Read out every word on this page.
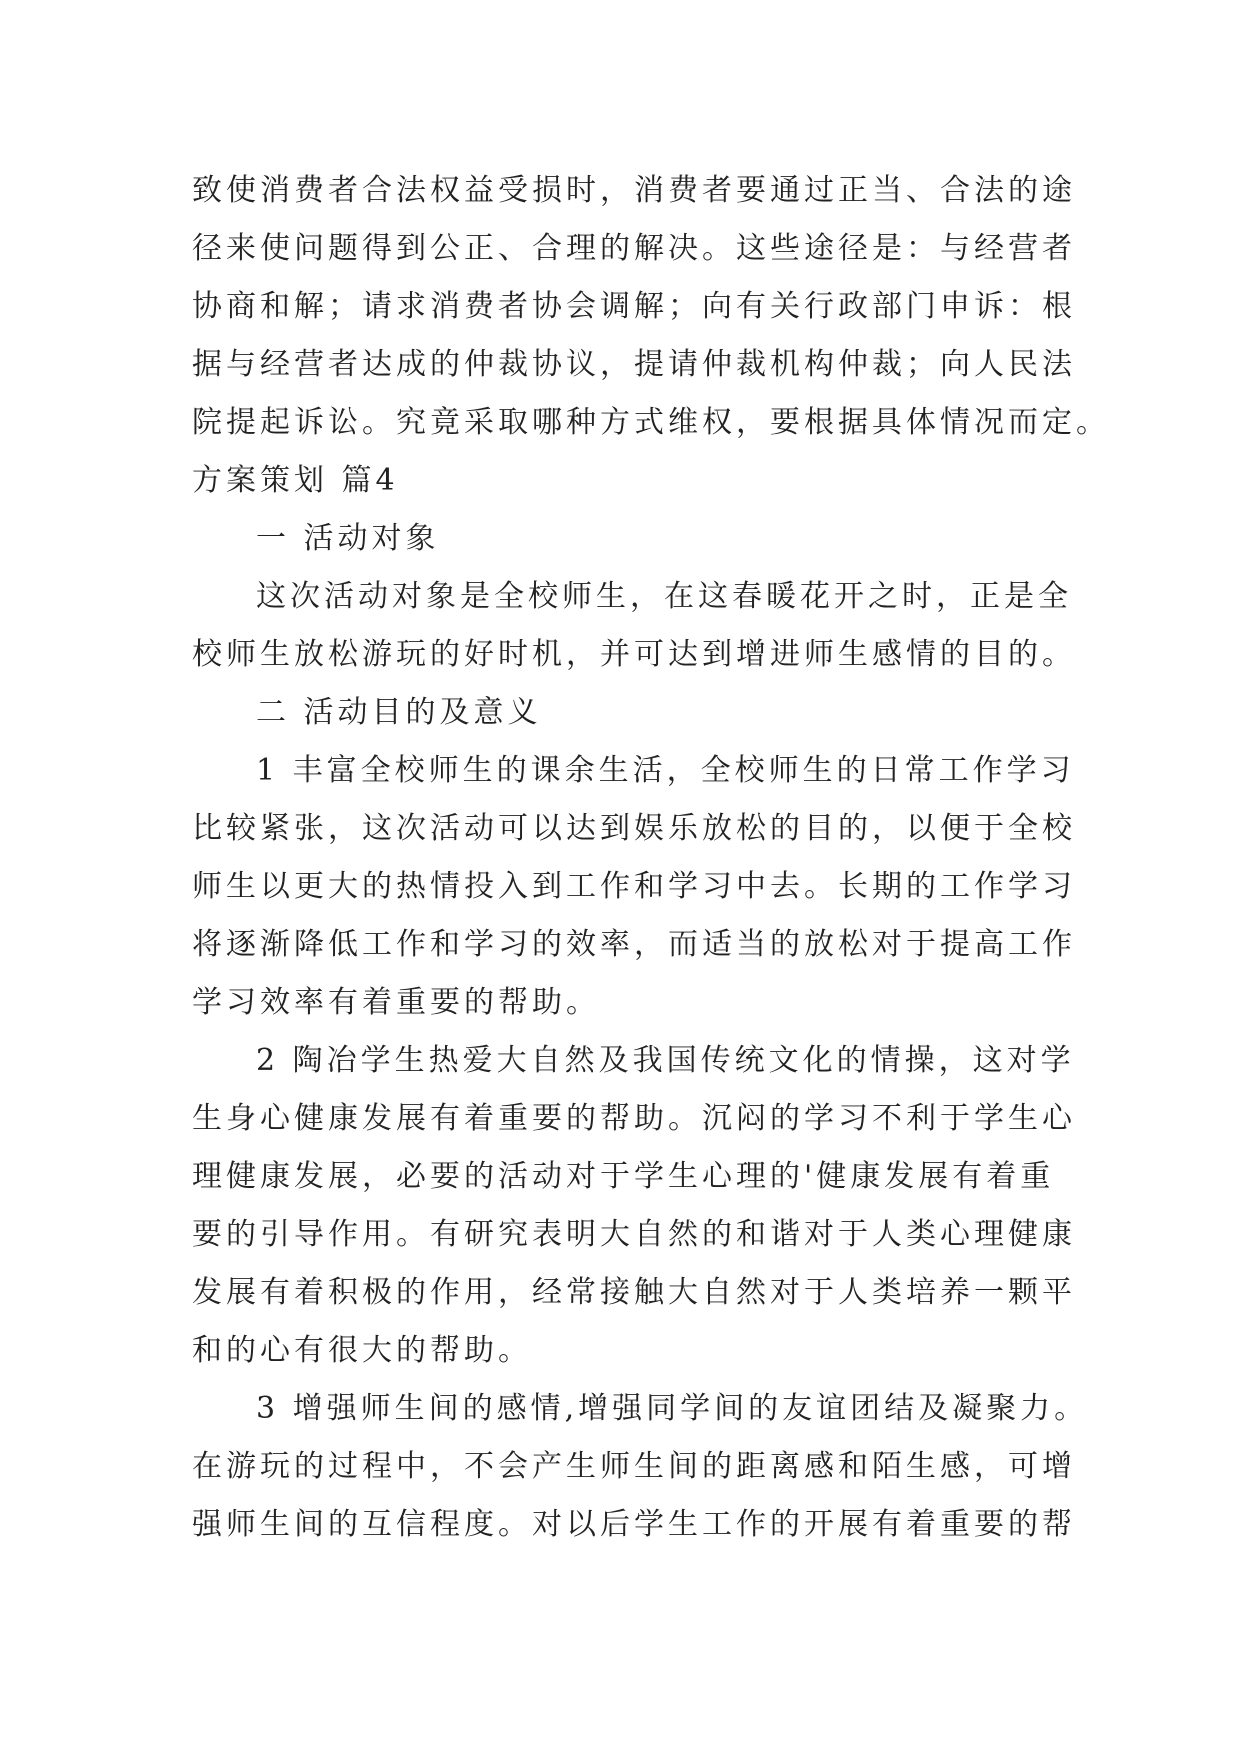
致使消费者合法权益受损时，消费者要通过正当、合法的途
径来使问题得到公正、合理的解决。这些途径是：与经营者
协商和解；请求消费者协会调解；向有关行政部门申诉：根
据与经营者达成的仲裁协议，提请仲裁机构仲裁；向人民法
院提起诉讼。究竟采取哪种方式维权，要根据具体情况而定。
方案策划 篇4
一 活动对象
这次活动对象是全校师生，在这春暖花开之时，正是全
校师生放松游玩的好时机，并可达到增进师生感情的目的。
二 活动目的及意义
1 丰富全校师生的课余生活，全校师生的日常工作学习
比较紧张，这次活动可以达到娱乐放松的目的，以便于全校
师生以更大的热情投入到工作和学习中去。长期的工作学习
将逐渐降低工作和学习的效率，而适当的放松对于提高工作
学习效率有着重要的帮助。
2 陶冶学生热爱大自然及我国传统文化的情操，这对学
生身心健康发展有着重要的帮助。沉闷的学习不利于学生心
理健康发展，必要的活动对于学生心理的'健康发展有着重
要的引导作用。有研究表明大自然的和谐对于人类心理健康
发展有着积极的作用，经常接触大自然对于人类培养一颗平
和的心有很大的帮助。
3 增强师生间的感情,增强同学间的友谊团结及凝聚力。
在游玩的过程中，不会产生师生间的距离感和陌生感，可增
强师生间的互信程度。对以后学生工作的开展有着重要的帮
